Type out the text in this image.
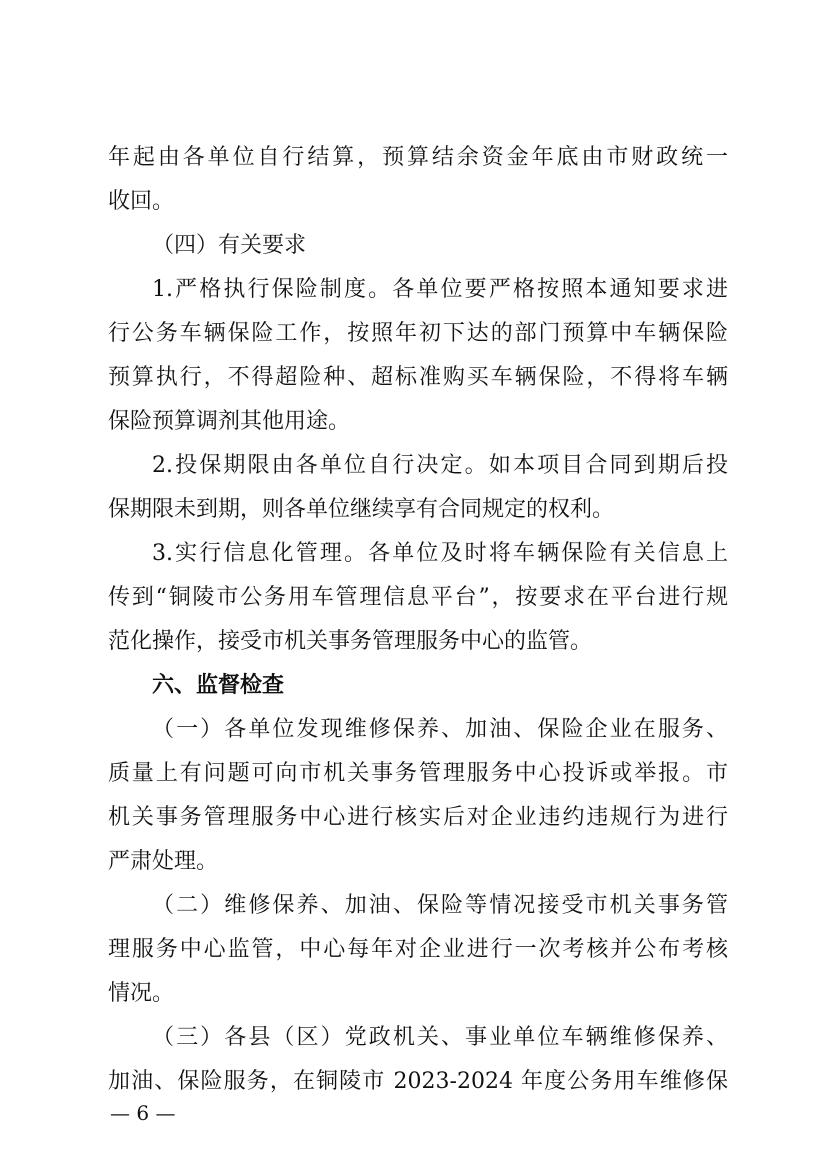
年起由各单位自行结算，预算结余资金年底由市财政统一
收回。
（四）有关要求
1.严格执行保险制度。各单位要严格按照本通知要求进
行公务车辆保险工作，按照年初下达的部门预算中车辆保险
预算执行，不得超险种、超标准购买车辆保险，不得将车辆
保险预算调剂其他用途。
2.投保期限由各单位自行决定。如本项目合同到期后投
保期限未到期，则各单位继续享有合同规定的权利。
3.实行信息化管理。各单位及时将车辆保险有关信息上
传到“铜陵市公务用车管理信息平台”，按要求在平台进行规
范化操作，接受市机关事务管理服务中心的监管。
六、监督检查
（一）各单位发现维修保养、加油、保险企业在服务、
质量上有问题可向市机关事务管理服务中心投诉或举报。市
机关事务管理服务中心进行核实后对企业违约违规行为进行
严肃处理。
（二）维修保养、加油、保险等情况接受市机关事务管
理服务中心监管，中心每年对企业进行一次考核并公布考核
情况。
（三）各县（区）党政机关、事业单位车辆维修保养、
加油、保险服务，在铜陵市 2023-2024 年度公务用车维修保
— 6 —
